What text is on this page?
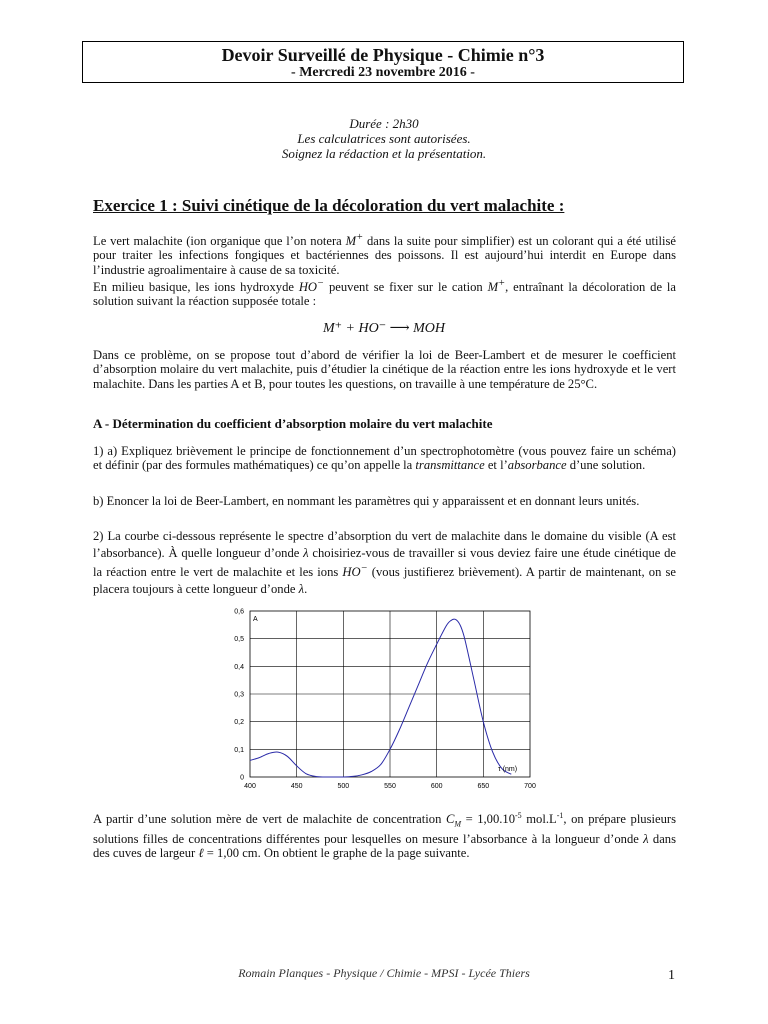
Devoir Surveillé de Physique - Chimie n°3
- Mercredi 23 novembre 2016 -
Durée : 2h30
Les calculatrices sont autorisées.
Soignez la rédaction et la présentation.
Exercice 1 : Suivi cinétique de la décoloration du vert malachite :
Le vert malachite (ion organique que l’on notera M+ dans la suite pour simplifier) est un colorant qui a été utilisé pour traiter les infections fongiques et bactériennes des poissons. Il est aujourd’hui interdit en Europe dans l’industrie agroalimentaire à cause de sa toxicité.
En milieu basique, les ions hydroxyde HO− peuvent se fixer sur le cation M+, entraînant la décoloration de la solution suivant la réaction supposée totale :
M⁺ + HO⁻ ⟶ MOH
Dans ce problème, on se propose tout d’abord de vérifier la loi de Beer-Lambert et de mesurer le coefficient d’absorption molaire du vert malachite, puis d’étudier la cinétique de la réaction entre les ions hydroxyde et le vert malachite. Dans les parties A et B, pour toutes les questions, on travaille à une température de 25°C.
A - Détermination du coefficient d’absorption molaire du vert malachite
1) a) Expliquez brièvement le principe de fonctionnement d’un spectrophotomètre (vous pouvez faire un schéma) et définir (par des formules mathématiques) ce qu’on appelle la transmittance et l’absorbance d’une solution.
b) Enoncer la loi de Beer-Lambert, en nommant les paramètres qui y apparaissent et en donnant leurs unités.
2) La courbe ci-dessous représente le spectre d’absorption du vert de malachite dans le domaine du visible (A est l’absorbance). À quelle longueur d’onde λ choisiriez-vous de travailler si vous deviez faire une étude cinétique de la réaction entre le vert de malachite et les ions HO− (vous justifierez brièvement). A partir de maintenant, on se placera toujours à cette longueur d’onde λ.
400	450	500	550	600	650	700
0
0,1
0,2
0,3
0,4
0,5
0,6
A
τ (nm)
A partir d’une solution mère de vert de malachite de concentration $C_M = 1,00.10^{-5}$ $mol.L^{-1}$, on prépare plusieurs solutions filles de concentrations différentes pour lesquelles on mesure l’absorbance à la longueur d’onde λ dans des cuves de largeur ℓ = 1,00 cm. On obtient le graphe de la page suivante.
Romain Planques - Physique / Chimie - MPSI - Lycée Thiers	1
